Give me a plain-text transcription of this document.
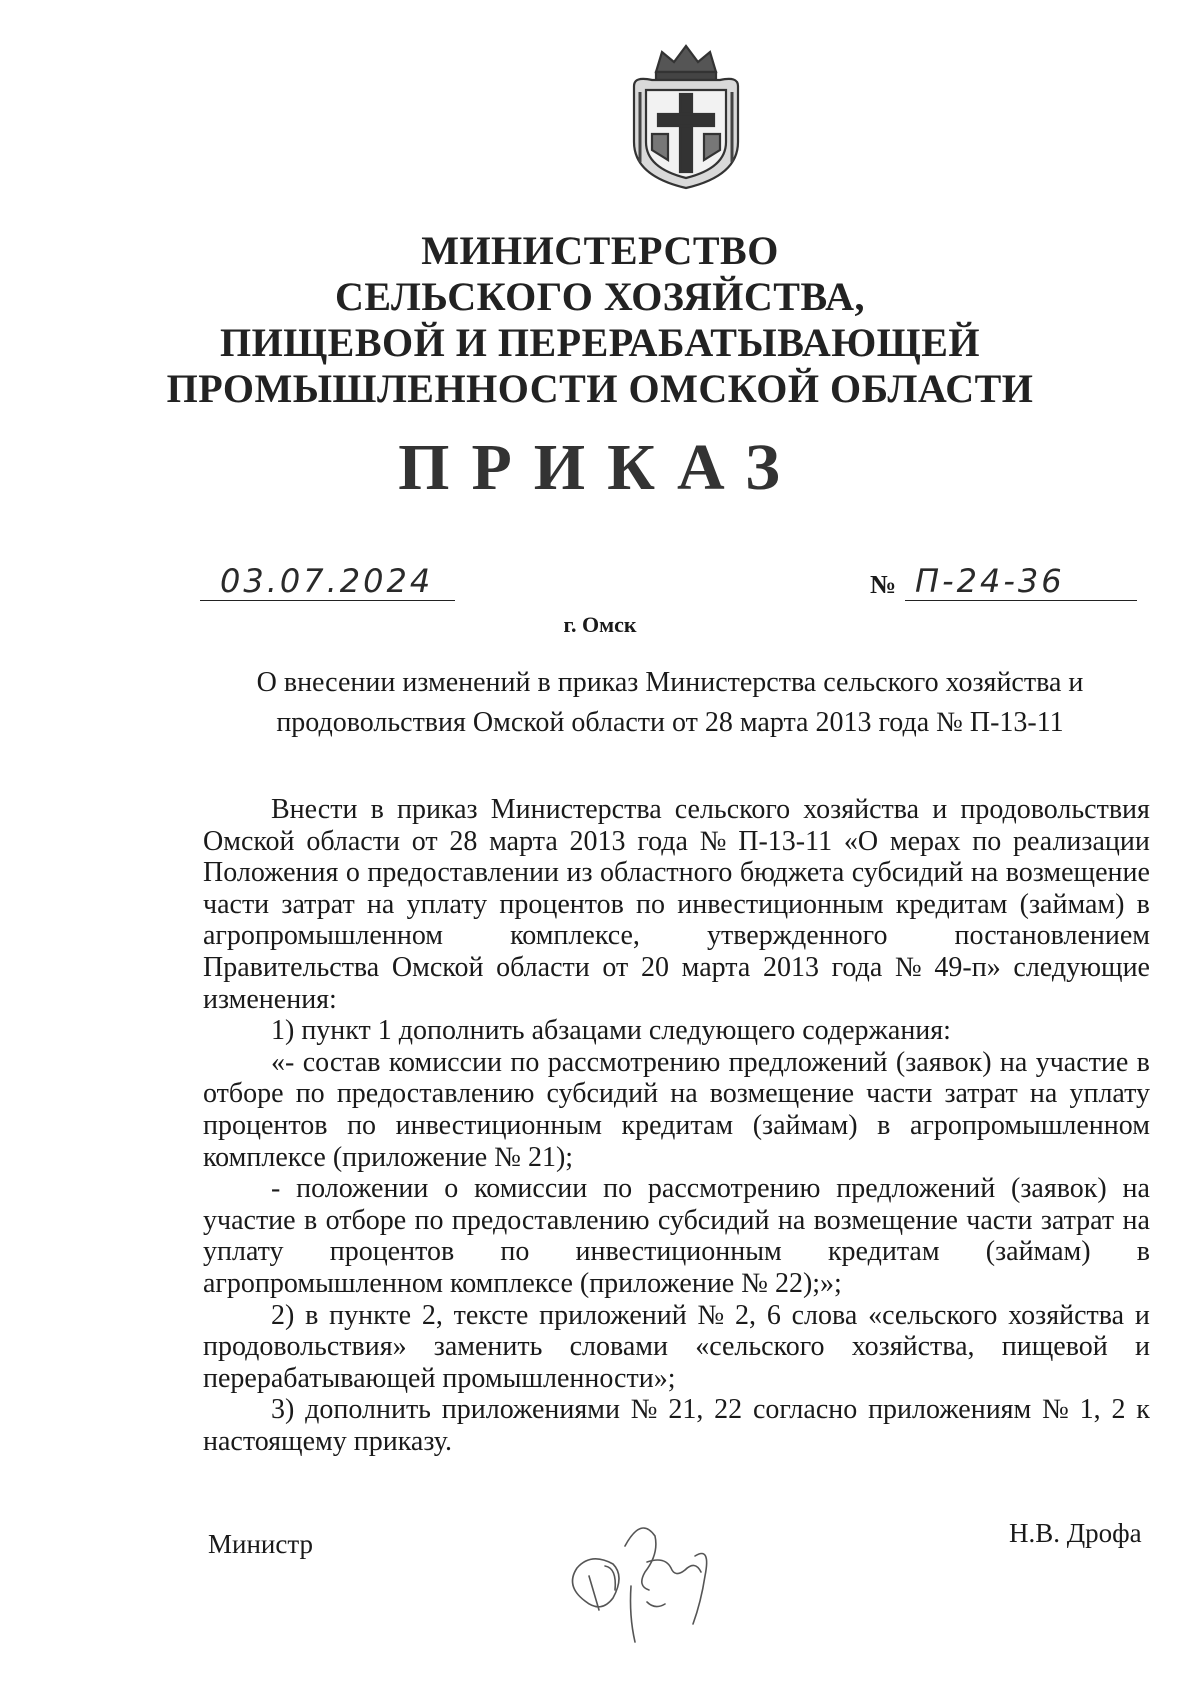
МИНИСТЕРСТВО
СЕЛЬСКОГО ХОЗЯЙСТВА,
ПИЩЕВОЙ И ПЕРЕРАБАТЫВАЮЩЕЙ
ПРОМЫШЛЕННОСТИ ОМСКОЙ ОБЛАСТИ
ПРИКАЗ
03.07.2024	№ П-24-36
г. Омск
О внесении изменений в приказ Министерства сельского хозяйства и
продовольствия Омской области от 28 марта 2013 года № П-13-11
Внести в приказ Министерства сельского хозяйства и продовольствия
Омской области от 28 марта 2013 года № П-13-11 «О мерах по реализации
Положения о предоставлении из областного бюджета субсидий на возмещение
части затрат на уплату процентов по инвестиционным кредитам (займам) в
агропромышленном комплексе, утвержденного постановлением
Правительства Омской области от 20 марта 2013 года № 49-п» следующие
изменения:
1) пункт 1 дополнить абзацами следующего содержания:
«- состав комиссии по рассмотрению предложений (заявок) на участие в
отборе по предоставлению субсидий на возмещение части затрат на уплату
процентов по инвестиционным кредитам (займам) в агропромышленном
комплексе (приложение № 21);
- положении о комиссии по рассмотрению предложений (заявок) на
участие в отборе по предоставлению субсидий на возмещение части затрат на
уплату процентов по инвестиционным кредитам (займам) в
агропромышленном комплексе (приложение № 22);»;
2) в пункте 2, тексте приложений № 2, 6 слова «сельского хозяйства и
продовольствия» заменить словами «сельского хозяйства, пищевой и
перерабатывающей промышленности»;
3) дополнить приложениями № 21, 22 согласно приложениям № 1, 2 к
настоящему приказу.
Министр	Н.В. Дрофа
